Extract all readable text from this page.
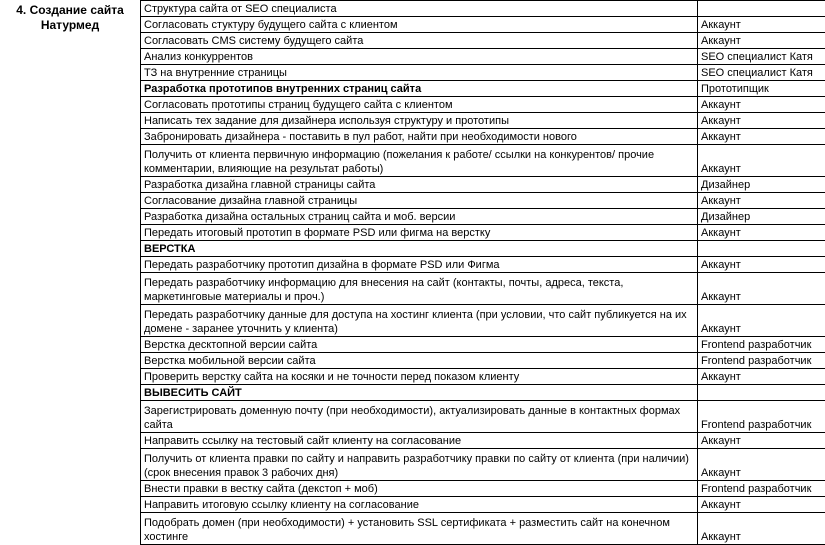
4. Создание сайта
Натурмед
Структура сайта от SEO специалиста	
Согласовать стуктуру будущего сайта с клиентом	Аккаунт
Согласовать CMS систему будущего сайта	Аккаунт
Анализ конкуррентов	SEO специалист Катя
ТЗ на внутренние страницы	SEO специалист Катя
Разработка прототипов внутренних страниц сайта	Прототипщик
Согласовать прототипы страниц будущего сайта с клиентом	Аккаунт
Написать тех задание для дизайнера используя структуру и прототипы	Аккаунт
Забронировать дизайнера - поставить в пул работ, найти при необходимости нового	Аккаунт
Получить от клиента первичную информацию (пожелания к работе/ ссылки на конкурентов/ прочие комментарии, влияющие на результат работы)	Аккаунт
Разработка дизайна главной страницы сайта	Дизайнер
Согласование дизайна главной страницы	Аккаунт
Разработка дизайна остальных страниц сайта и моб. версии	Дизайнер
Передать итоговый прототип в формате PSD или фигма на верстку	Аккаунт
ВЕРСТКА	
Передать разработчику прототип дизайна в формате PSD или Фигма	Аккаунт
Передать разработчику информацию для внесения на сайт (контакты, почты, адреса, текста, маркетинговые материалы и проч.)	Аккаунт
Передать разработчику данные для доступа на хостинг клиента (при условии, что сайт публикуется на их домене - заранее уточнить у клиента)	Аккаунт
Верстка десктопной версии сайта	Frontend разработчик
Верстка мобильной версии сайта	Frontend разработчик
Проверить верстку сайта на косяки и не точности перед показом клиенту	Аккаунт
ВЫВЕСИТЬ САЙТ	
Зарегистрировать доменную почту (при необходимости), актуализировать данные в контактных формах сайта	Frontend разработчик
Направить ссылку на тестовый сайт клиенту на согласование	Аккаунт
Получить от клиента правки по сайту и направить разработчику правки по сайту от клиента (при наличии) (срок внесения правок 3 рабочих дня)	Аккаунт
Внести правки в вестку сайта (декстоп + моб)	Frontend разработчик
Направить итоговую ссылку клиенту на согласование	Аккаунт
Подобрать домен (при необходимости) + установить SSL сертификата + разместить сайт на конечном хостинге	Аккаунт
